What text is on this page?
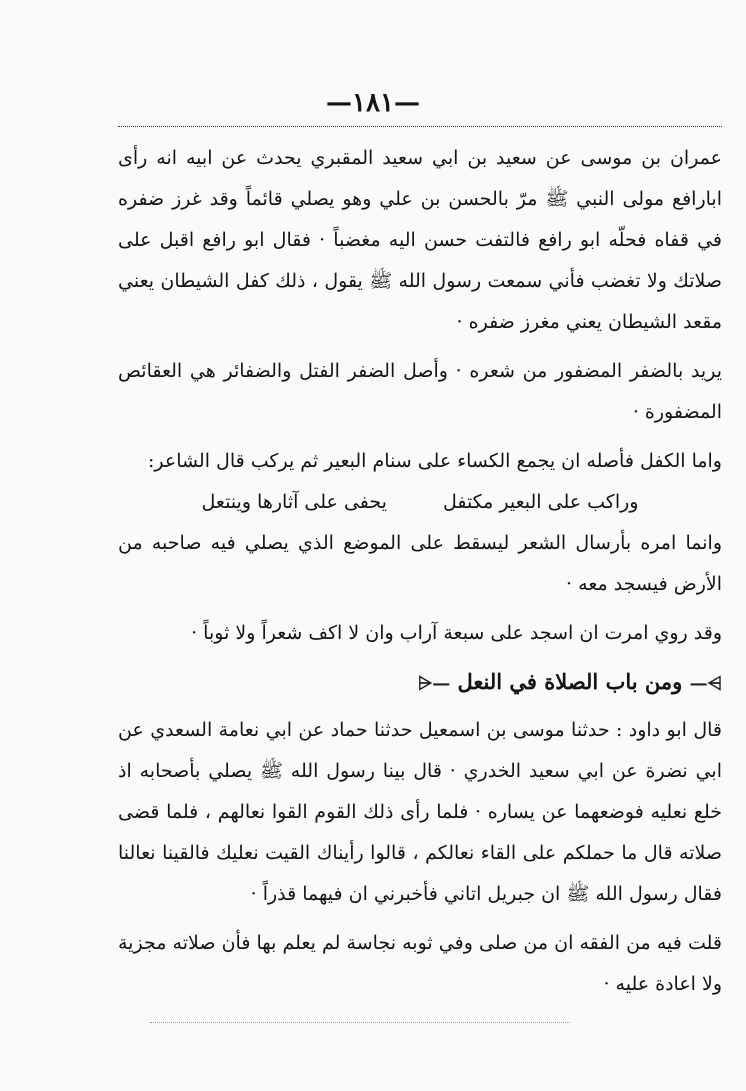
—١٨١—

عمران بن موسى عن سعيد بن ابي سعيد المقبري يحدث عن ابيه انه رأى ابارافع مولى النبي ﷺ مرّ بالحسن بن علي وهو يصلي قائماً وقد غرز ضفره في قفاه فحلّه ابو رافع فالتفت حسن اليه مغضباً · فقال ابو رافع اقبل على صلاتك ولا تغضب فأني سمعت رسول الله ﷺ يقول ، ذلك كفل الشيطان يعني مقعد الشيطان يعني مغرز ضفره ·

يريد بالضفر المضفور من شعره · وأصل الضفر الفتل والضفائر هي العقائص المضفورة ·

واما الكفل فأصله ان يجمع الكساء على سنام البعير ثم يركب قال الشاعر:

وراكب على البعير مكتفل
يحفى على آثارها وينتعل

وانما امره بأرسال الشعر ليسقط على الموضع الذي يصلي فيه صاحبه من الأرض فيسجد معه ·

وقد روي امرت ان اسجد على سبعة آراب وان لا اكف شعراً ولا ثوباً ·

⩥— ومن باب الصلاة في النعل —⩤

قال ابو داود : حدثنا موسى بن اسمعيل حدثنا حماد عن ابي نعامة السعدي عن ابي نضرة عن ابي سعيد الخدري · قال بينا رسول الله ﷺ يصلي بأصحابه اذ خلع نعليه فوضعهما عن يساره · فلما رأى ذلك القوم القوا نعالهم ، فلما قضى صلاته قال ما حملكم على القاء نعالكم ، قالوا رأيناك القيت نعليك فالقينا نعالنا فقال رسول الله ﷺ ان جبريل اتاني فأخبرني ان فيهما قذراً ·

قلت فيه من الفقه ان من صلى وفي ثوبه نجاسة لم يعلم بها فأن صلاته مجزية ولا اعادة عليه ·
